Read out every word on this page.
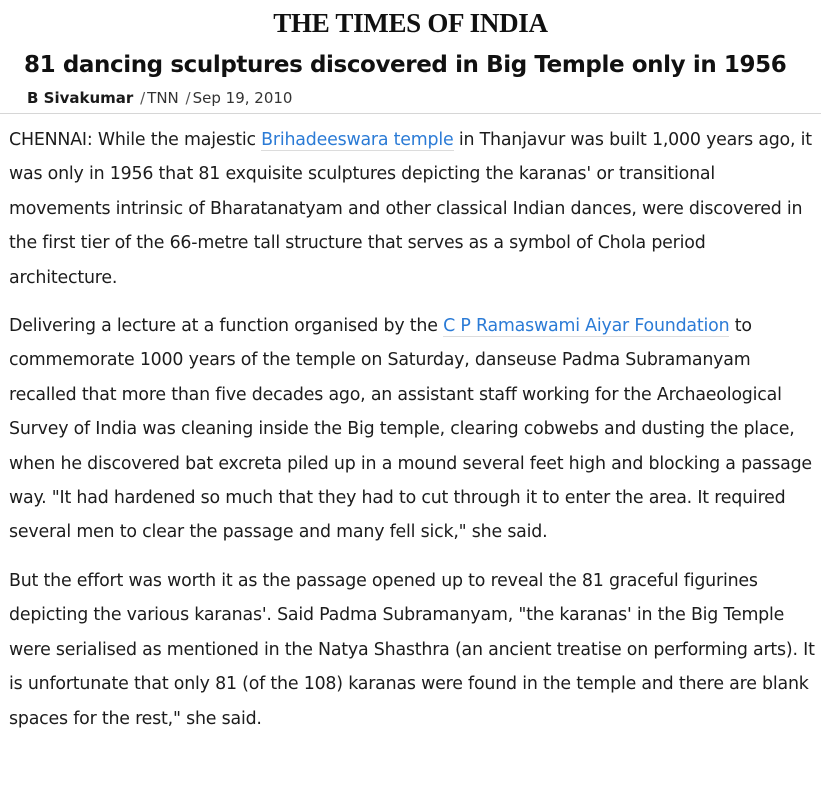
THE TIMES OF INDIA
81 dancing sculptures discovered in Big Temple only in 1956
B Sivakumar / TNN / Sep 19, 2010

CHENNAI: While the majestic Brihadeeswara temple in Thanjavur was built 1,000 years ago, it was only in 1956 that 81 exquisite sculptures depicting the karanas' or transitional movements intrinsic of Bharatanatyam and other classical Indian dances, were discovered in the first tier of the 66-metre tall structure that serves as a symbol of Chola period architecture.

Delivering a lecture at a function organised by the C P Ramaswami Aiyar Foundation to commemorate 1000 years of the temple on Saturday, danseuse Padma Subramanyam recalled that more than five decades ago, an assistant staff working for the Archaeological Survey of India was cleaning inside the Big temple, clearing cobwebs and dusting the place, when he discovered bat excreta piled up in a mound several feet high and blocking a passage way. "It had hardened so much that they had to cut through it to enter the area. It required several men to clear the passage and many fell sick," she said.

But the effort was worth it as the passage opened up to reveal the 81 graceful figurines depicting the various karanas'. Said Padma Subramanyam, "the karanas' in the Big Temple were serialised as mentioned in the Natya Shasthra (an ancient treatise on performing arts). It is unfortunate that only 81 (of the 108) karanas were found in the temple and there are blank spaces for the rest," she said.
